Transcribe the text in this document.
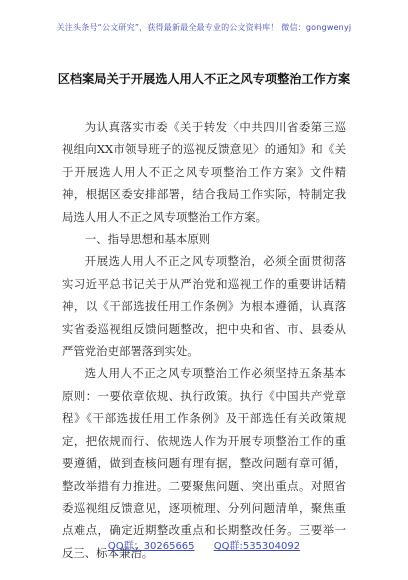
关注头条号“公文研究”，获得最新最全最专业的公文资料库！ 微信：gongwenyj
区档案局关于开展选人用人不正之风专项整治工作方案

为认真落实市委《关于转发〈中共四川省委第三巡视组向XX市领导班子的巡视反馈意见〉的通知》和《关于开展选人用人不正之风专项整治工作方案》文件精神，根据区委安排部署，结合我局工作实际，特制定我局选人用人不正之风专项整治工作方案。

一、指导思想和基本原则

开展选人用人不正之风专项整治，必须全面贯彻落实习近平总书记关于从严治党和巡视工作的重要讲话精神，以《干部选拔任用工作条例》为根本遵循，认真落实省委巡视组反馈问题整改，把中央和省、市、县委从严管党治吏部署落到实处。

选人用人不正之风专项整治工作必须坚持五条基本原则：一要依章依规、执行政策。执行《中国共产党章程》《干部选拔任用工作条例》及干部选任有关政策规定，把依规而行、依规选人作为开展专项整治工作的重要遵循，做到查核问题有理有据，整改问题有章可循，整改举措有力推进。二要聚焦问题、突出重点。对照省委巡视组反馈意见，逐项梳理、分列问题清单，聚焦重点难点，确定近期整改重点和长期整改任务。三要举一反三、标本兼治。

QQ群：30265665 QQ群:535304092
